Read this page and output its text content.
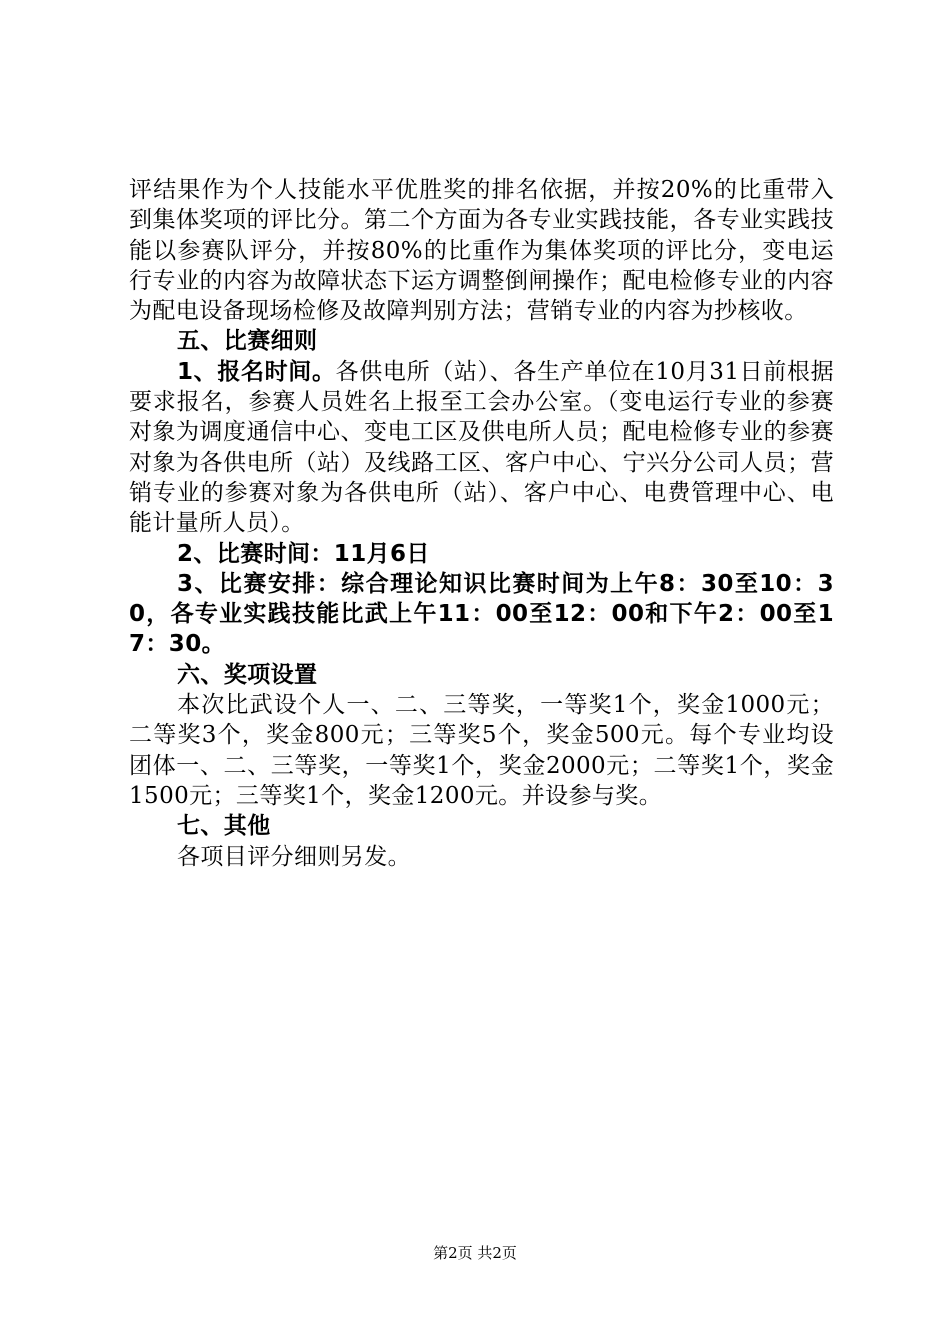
评结果作为个人技能水平优胜奖的排名依据，并按20%的比重带入到集体奖项的评比分。第二个方面为各专业实践技能，各专业实践技能以参赛队评分，并按80%的比重作为集体奖项的评比分，变电运行专业的内容为故障状态下运方调整倒闸操作；配电检修专业的内容为配电设备现场检修及故障判别方法；营销专业的内容为抄核收。

五、比赛细则

1、报名时间。各供电所（站）、各生产单位在10月31日前根据要求报名，参赛人员姓名上报至工会办公室。（变电运行专业的参赛对象为调度通信中心、变电工区及供电所人员；配电检修专业的参赛对象为各供电所（站）及线路工区、客户中心、宁兴分公司人员；营销专业的参赛对象为各供电所（站）、客户中心、电费管理中心、电能计量所人员）。

2、比赛时间：11月6日

3、比赛安排：综合理论知识比赛时间为上午8：30至10：30，各专业实践技能比武上午11：00至12：00和下午2：00至17：30。

六、奖项设置

本次比武设个人一、二、三等奖，一等奖1个，奖金1000元；二等奖3个，奖金800元；三等奖5个，奖金500元。每个专业均设团体一、二、三等奖，一等奖1个，奖金2000元；二等奖1个，奖金1500元；三等奖1个，奖金1200元。并设参与奖。

七、其他

各项目评分细则另发。

第2页 共2页
